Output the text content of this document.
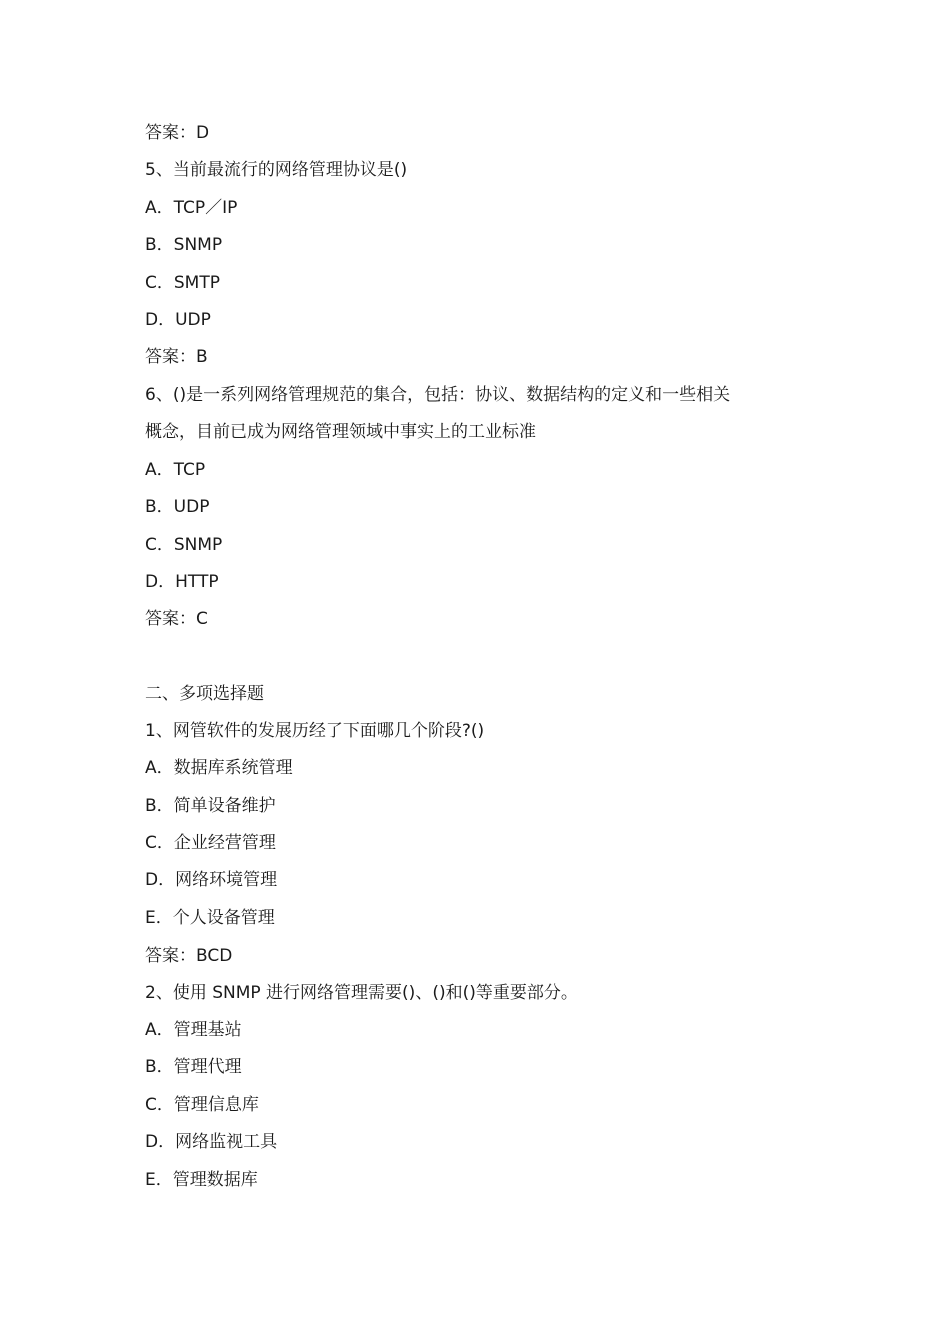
答案：D
5、当前最流行的网络管理协议是()
A．TCP／IP
B．SNMP
C．SMTP
D．UDP
答案：B
6、()是一系列网络管理规范的集合，包括：协议、数据结构的定义和一些相关
概念，目前已成为网络管理领域中事实上的工业标准
A．TCP
B．UDP
C．SNMP
D．HTTP
答案：C
二、多项选择题
1、网管软件的发展历经了下面哪几个阶段?()
A．数据库系统管理
B．简单设备维护
C．企业经营管理
D．网络环境管理
E．个人设备管理
答案：BCD
2、使用 SNMP 进行网络管理需要()、()和()等重要部分。
A．管理基站
B．管理代理
C．管理信息库
D．网络监视工具
E．管理数据库
